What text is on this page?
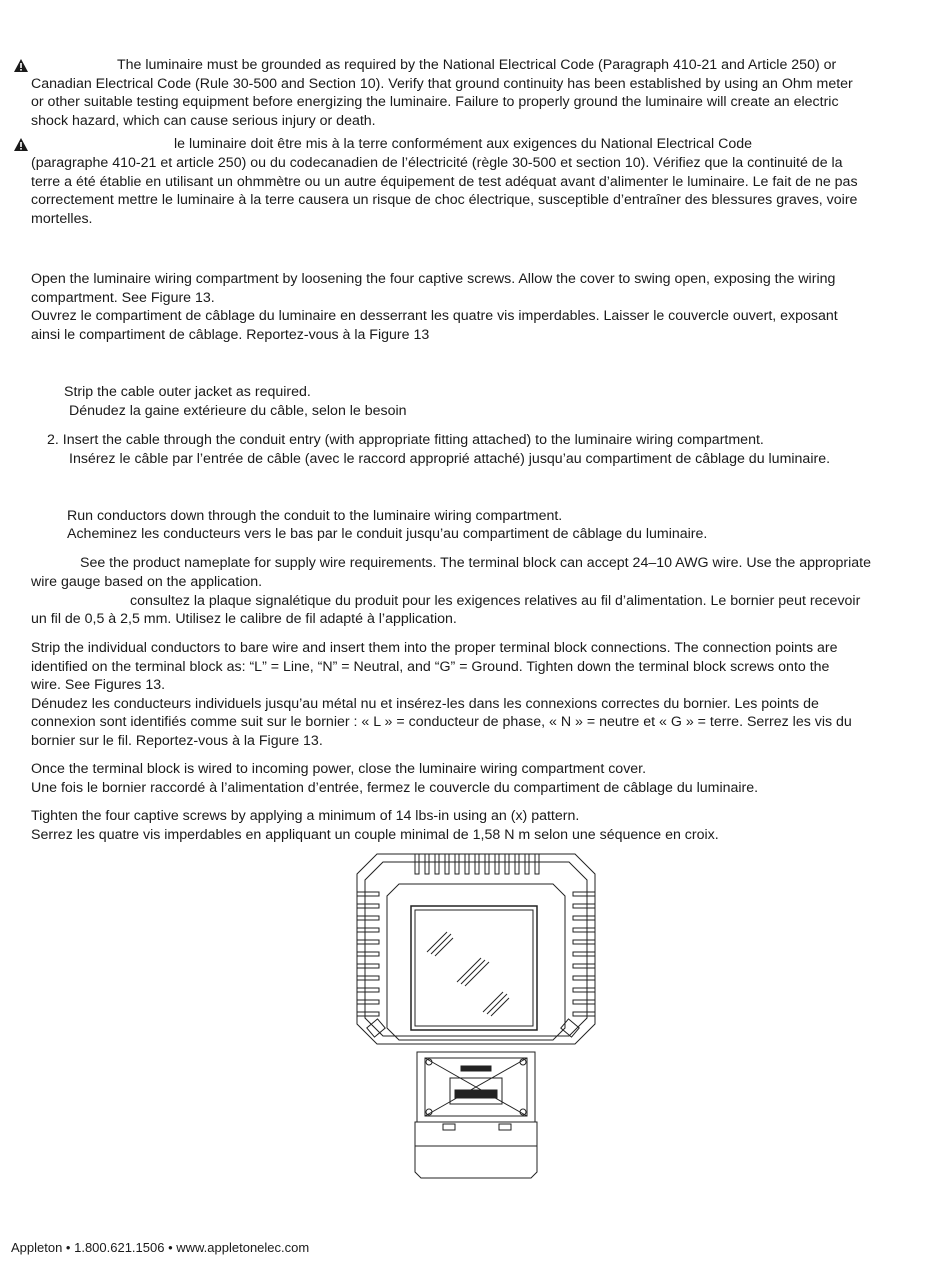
The luminaire must be grounded as required by the National Electrical Code (Paragraph 410-21 and Article 250) or

Canadian Electrical Code (Rule 30-500 and Section 10). Verify that ground continuity has been established by using an Ohm meter

or other suitable testing equipment before energizing the luminaire. Failure to properly ground the luminaire will create an electric

shock hazard, which can cause serious injury or death.

le luminaire doit être mis à la terre conformément aux exigences du National Electrical Code

(paragraphe 410-21 et article 250) ou du codecanadien de l’électricité (règle 30-500 et section 10). Vérifiez que la continuité de la

terre a été établie en utilisant un ohmmètre ou un autre équipement de test adéquat avant d’alimenter le luminaire. Le fait de ne pas

correctement mettre le luminaire à la terre causera un risque de choc électrique, susceptible d’entraîner des blessures graves, voire

mortelles.

Open the luminaire wiring compartment by loosening the four captive screws. Allow the cover to swing open, exposing the wiring

compartment. See Figure 13.

Ouvrez le compartiment de câblage du luminaire en desserrant les quatre vis imperdables. Laisser le couvercle ouvert, exposant

ainsi le compartiment de câblage. Reportez-vous à la Figure 13

Strip the cable outer jacket as required.
Dénudez la gaine extérieure du câble, selon le besoin
2. Insert the cable through the conduit entry (with appropriate fitting attached) to the luminaire wiring compartment.
Insérez le câble par l’entrée de câble (avec le raccord approprié attaché) jusqu’au compartiment de câblage du luminaire.
Run conductors down through the conduit to the luminaire wiring compartment.
Acheminez les conducteurs vers le bas par le conduit jusqu’au compartiment de câblage du luminaire.
See the product nameplate for supply wire requirements. The terminal block can accept 24–10 AWG wire. Use the appropriate
wire gauge based on the application.
consultez la plaque signalétique du produit pour les exigences relatives au fil d’alimentation. Le bornier peut recevoir
un fil de 0,5 à 2,5 mm. Utilisez le calibre de fil adapté à l’application.

Strip the individual conductors to bare wire and insert them into the proper terminal block connections. The connection points are

identified on the terminal block as: “L” = Line, “N” = Neutral, and “G” = Ground. Tighten down the terminal block screws onto the

wire. See Figures 13.

Dénudez les conducteurs individuels jusqu’au métal nu et insérez-les dans les connexions correctes du bornier. Les points de

connexion sont identifiés comme suit sur le bornier : « L » = conducteur de phase, « N » = neutre et « G » = terre. Serrez les vis du

bornier sur le fil. Reportez-vous à la Figure 13.

Once the terminal block is wired to incoming power, close the luminaire wiring compartment cover.

Une fois le bornier raccordé à l’alimentation d’entrée, fermez le couvercle du compartiment de câblage du luminaire.

Tighten the four captive screws by applying a minimum of 14 lbs-in using an (x) pattern.

Serrez les quatre vis imperdables en appliquant un couple minimal de 1,58 N m selon une séquence en croix.

Appleton • 1.800.621.1506 • www.appletonelec.com
